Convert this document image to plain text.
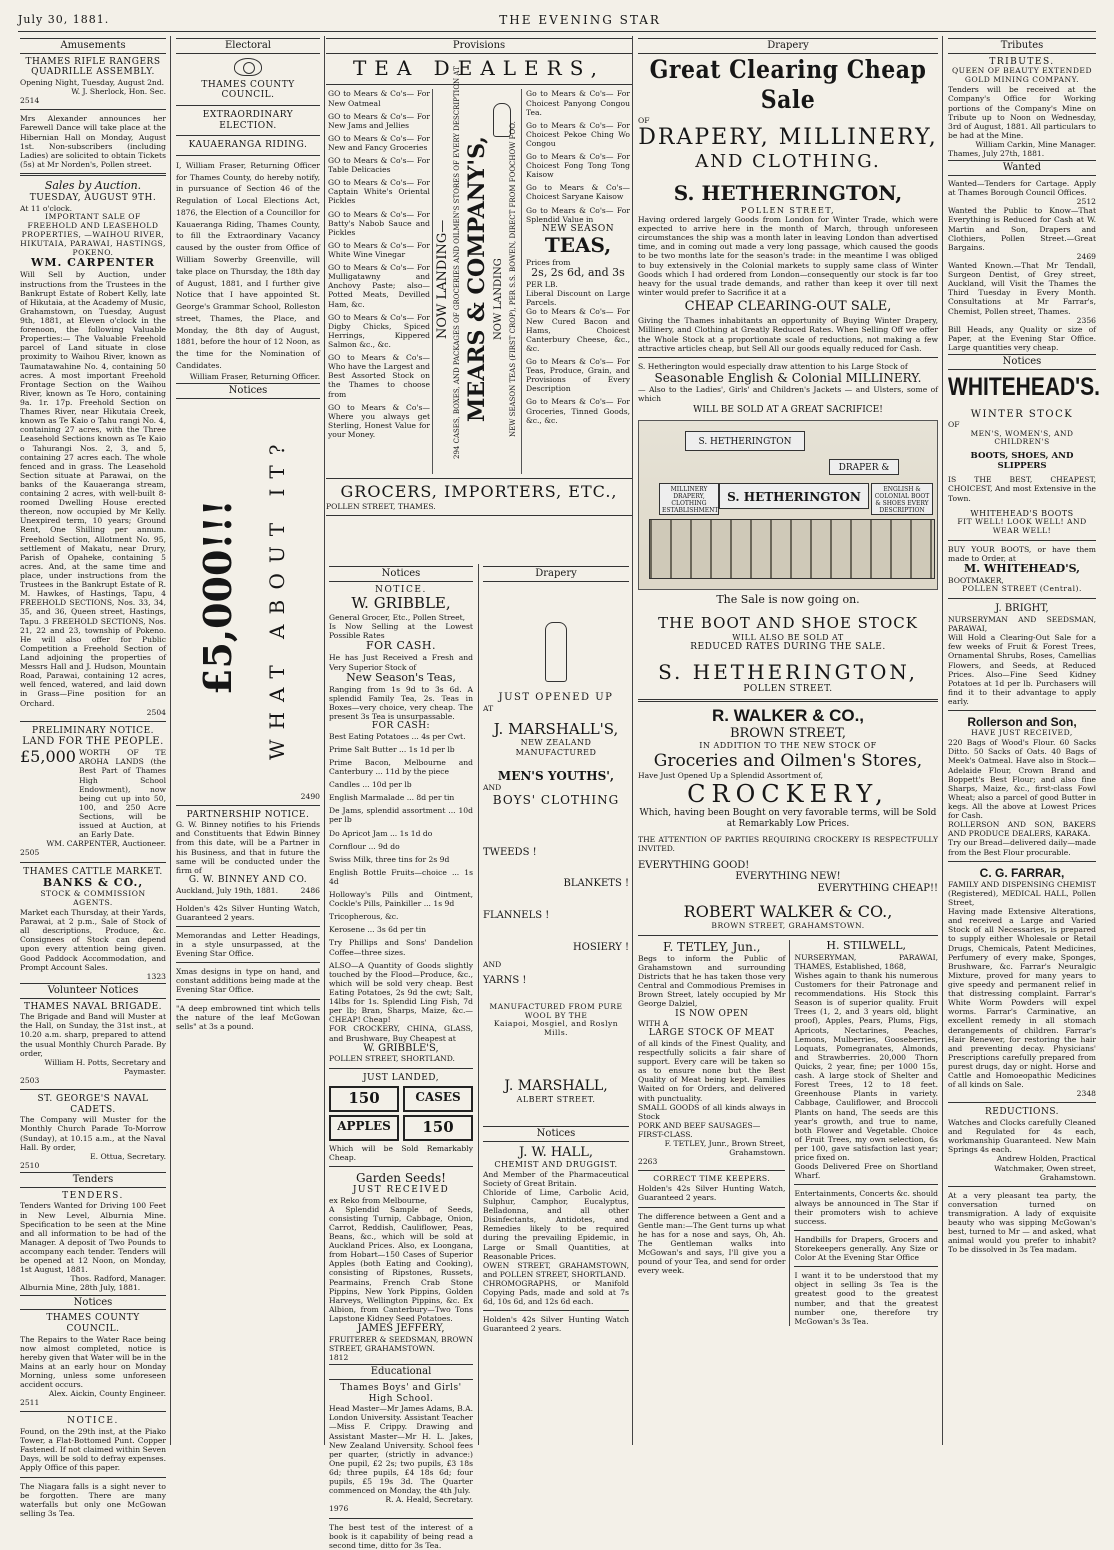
July 30, 1881.	THE EVENING STAR

Amusements
THAMES RIFLE RANGERS QUADRILLE ASSEMBLY.
Opening Night, Tuesday, August 2nd.
W. J. Sherlock, Hon. Sec.
2514
Mrs Alexander announces her Farewell Dance will take place at the Hibernian Hall on Monday, August 1st. Non-subscribers (including Ladies) are solicited to obtain Tickets (5s) at Mr Norden's, Pollen street.
Sales by Auction.
TUESDAY, AUGUST 9TH.
At 11 o'clock.
IMPORTANT SALE OF FREEHOLD AND LEASEHOLD PROPERTIES, —WAIHOU RIVER, HIKUTAIA, PARAWAI, HASTINGS, POKENO.
WM. CARPENTER
Will Sell by Auction, under instructions from the Trustees in the Bankrupt Estate of Robert Kelly, late of Hikutaia, at the Academy of Music, Grahamstown, on Tuesday, August 9th, 1881, at Eleven o'clock in the forenoon, the following Valuable Properties:— The Valuable Freehold parcel of Land situate in close proximity to Waihou River, known as Taumatawahine No. 4, containing 50 acres. A most important Freehold Frontage Section on the Waihou River, known as Te Horo, containing 9a. 1r. 17p. Freehold Section on Thames River, near Hikutaia Creek, known as Te Kaio o Tahu rangi No. 4, containing 27 acres, with the Three Leasehold Sections known as Te Kaio o Tahurangi Nos. 2, 3, and 5, containing 27 acres each. The whole fenced and in grass. The Leasehold Section situate at Parawai, on the banks of the Kauaeranga stream, containing 2 acres, with well-built 8-roomed Dwelling House erected thereon, now occupied by Mr Kelly. Unexpired term, 10 years; Ground Rent, One Shilling per annum. Freehold Section, Allotment No. 95, settlement of Makatu, near Drury, Parish of Opaheke, containing 5 acres. And, at the same time and place, under instructions from the Trustees in the Bankrupt Estate of R. M. Hawkes, of Hastings, Tapu, 4 FREEHOLD SECTIONS, Nos. 33, 34, 35, and 36, Queen street, Hastings, Tapu. 3 FREEHOLD SECTIONS, Nos. 21, 22 and 23, township of Pokeno. He will also offer for Public Competition a Freehold Section of Land adjoining the properties of Messrs Hall and J. Hudson, Mountain Road, Parawai, containing 12 acres, well fenced, watered, and laid down in Grass—Fine position for an Orchard.
2504
PRELIMINARY NOTICE.
LAND FOR THE PEOPLE.
£5,000 WORTH OF TE AROHA LANDS (the Best Part of Thames High School Endowment), now being cut up into 50, 100, and 250 Acre Sections, will be issued at Auction, at an Early Date.
WM. CARPENTER, Auctioneer.
2505
THAMES CATTLE MARKET.
BANKS & CO.,
STOCK & COMMISSION AGENTS.
Market each Thursday, at their Yards, Parawai, at 2 p.m., Sale of Stock of all descriptions, Produce, &c. Consignees of Stock can depend upon every attention being given. Good Paddock Accommodation, and Prompt Account Sales.
1323
Volunteer Notices
THAMES NAVAL BRIGADE.
The Brigade and Band will Muster at the Hall, on Sunday, the 31st inst., at 10.20 a.m. sharp, prepared to attend the usual Monthly Church Parade. By order,
William H. Potts, Secretary and Paymaster.
2503
ST. GEORGE'S NAVAL CADETS.
The Company will Muster for the Monthly Church Parade To-Morrow (Sunday), at 10.15 a.m., at the Naval Hall. By order,
E. Ottua, Secretary.
2510
Tenders
TENDERS.
Tenders Wanted for Driving 100 Feet in New Level, Alburnia Mine. Specification to be seen at the Mine and all information to be had of the Manager. A deposit of Two Pounds to accompany each tender. Tenders will be opened at 12 Noon, on Monday, 1st August, 1881.
Thos. Radford, Manager.
Alburnia Mine, 28th July, 1881.
Notices
THAMES COUNTY COUNCIL.
The Repairs to the Water Race being now almost completed, notice is hereby given that Water will be in the Mains at an early hour on Monday Morning, unless some unforeseen accident occurs.
Alex. Aickin, County Engineer.
2511
NOTICE.
Found, on the 29th inst, at the Piako Tower, a Flat-Bottomed Punt. Copper Fastened. If not claimed within Seven Days, will be sold to defray expenses. Apply Office of this paper.
The Niagara falls is a sight never to be forgotten. There are many waterfalls but only one McGowan selling 3s Tea.
Electoral
THAMES COUNTY COUNCIL.
EXTRAORDINARY ELECTION.
KAUAERANGA RIDING.
I, William Fraser, Returning Officer for Thames County, do hereby notify, in pursuance of Section 46 of the Regulation of Local Elections Act, 1876, the Election of a Councillor for Kauaeranga Riding, Thames County, to fill the Extraordinary Vacancy caused by the ouster from Office of William Sowerby Greenville, will take place on Thursday, the 18th day of August, 1881, and I further give Notice that I have appointed St. George's Grammar School, Rolleston street, Thames, the Place, and Monday, the 8th day of August, 1881, before the hour of 12 Noon, as the time for the Nomination of Candidates.
William Fraser, Returning Officer.
Notices
£5,000!!! WHAT ABOUT IT?
2490
PARTNERSHIP NOTICE.
G. W. Binney notifies to his Friends and Constituents that Edwin Binney from this date, will be a Partner in his Business, and that in future the same will be conducted under the firm of
G. W. BINNEY AND CO.
Auckland, July 19th, 1881.	2486
Holden's 42s Silver Hunting Watch, Guaranteed 2 years.
Memorandas and Letter Headings, in a style unsurpassed, at the Evening Star Office.
Xmas designs in type on hand, and constant additions being made at the Evening Star Office.
"A deep embrowned tint which tells the nature of the leaf McGowan sells" at 3s a pound.
Provisions
TEA DEALERS,
GO to Mears & Co's— For New Oatmeal
GO to Mears & Co's— For New Jams and Jellies
GO to Mears & Co's— For New and Fancy Groceries
GO to Mears & Co's— For Table Delicacies
GO to Mears & Co's— For Captain White's Oriental Pickles
GO to Mears & Co's— For Batty's Nabob Sauce and Pickles
GO to Mears & Co's— For White Wine Vinegar
GO to Mears & Co's— For Mulligatawny and Anchovy Paste; also—Potted Meats, Devilled Ham, &c.
GO to Mears & Co's— For Digby Chicks, Spiced Herrings, Kippered Salmon &c., &c.
GO to Mears & Co's— Who have the Largest and Best Assorted Stock on the Thames to choose from
GO to Mears & Co's— Where you always get Sterling, Honest Value for your Money.
NOW LANDING— 294 CASES, BOXES, AND PACKAGES OF GROCERIES AND OILMEN'S STORES OF EVERY DESCRIPTION AT MEARS & COMPANY'S, NOW LANDING NEW SEASON TEAS (FIRST CROP), PER S.S. BOWEN, DIRECT FROM FOOCHOW FOO.
Go to Mears & Co's— For Choicest Panyong Congou Tea.
Go to Mears & Co's— For Choicest Pekoe Ching Wo Congou
Go to Mears & Co's— For Choicest Fong Tong Tong Kaisow
Go to Mears & Co's— Choicest Saryane Kaisow
Go to Mears & Co's— For Splendid Value in
NEW SEASON
TEAS,
Prices from
2s, 2s 6d, and 3s
PER LB.
Liberal Discount on Large Parcels.
Go to Mears & Co's— For New Cured Bacon and Hams, Choicest Canterbury Cheese, &c., &c.
Go to Mears & Co's— For Teas, Produce, Grain, and Provisions of Every Description
Go to Mears & Co's— For Groceries, Tinned Goods, &c., &c.
GROCERS, IMPORTERS, ETC.,
POLLEN STREET, THAMES.
Notices
NOTICE.
W. GRIBBLE,
General Grocer, Etc., Pollen Street,
Is Now Selling at the Lowest Possible Rates
FOR CASH.
He has Just Received a Fresh and Very Superior Stock of
New Season's Teas,
Ranging from 1s 9d to 3s 6d. A splendid Family Tea, 2s. Teas in Boxes—very choice, very cheap. The present 3s Tea is unsurpassable.
FOR CASH:
Best Eating Potatoes ... 4s per Cwt.
Prime Salt Butter ... 1s 1d per lb
Prime Bacon, Melbourne and Canterbury ... 11d by the piece
Candles ... 10d per lb
English Marmalade ... 8d per tin
De Jams, splendid assortment ... 10d per lb
Do Apricot Jam ... 1s 1d do
Cornflour ... 9d do
Swiss Milk, three tins for 2s 9d
English Bottle Fruits—choice ... 1s 4d
Holloway's Pills and Ointment, Cockle's Pills, Painkiller ... 1s 9d
Tricopherous, &c.
Kerosene ... 3s 6d per tin
Try Phillips and Sons' Dandelion Coffee—three sizes.
ALSO—A Quantity of Goods slightly touched by the Flood—Produce, &c., which will be sold very cheap. Best Eating Potatoes, 2s 9d the cwt; Salt, 14lbs for 1s. Splendid Ling Fish, 7d per lb; Bran, Sharps, Maize, &c.—CHEAP! Cheap!
FOR CROCKERY, CHINA, GLASS, and Brushware, Buy Cheapest at
W. GRIBBLE'S,
POLLEN STREET, SHORTLAND.
JUST LANDED,
150	CASES
APPLES	150
Which will be Sold Remarkably Cheap.
Garden Seeds!
JUST RECEIVED
ex Reko from Melbourne,
A Splendid Sample of Seeds, consisting Turnip, Cabbage, Onion, Carrot, Reddish, Cauliflower, Peas, Beans, &c., which will be sold at Auckland Prices. Also, ex Loongana, from Hobart—150 Cases of Superior Apples (both Eating and Cooking), consisting of Ripstones, Russets, Pearmains, French Crab Stone Pippins, New York Pippins, Golden Harveys, Wellington Pippins, &c. Ex Albion, from Canterbury—Two Tons Lapstone Kidney Seed Potatoes.
JAMES JEFFERY,
FRUITERER & SEEDSMAN, BROWN STREET, GRAHAMSTOWN.
1812
Educational
Thames Boys' and Girls' High School.
Head Master—Mr James Adams, B.A. London University. Assistant Teacher—Miss F. Crippy. Drawing and Assistant Master—Mr H. L. Jakes, New Zealand University. School fees per quarter, (strictly in advance:) One pupil, £2 2s; two pupils, £3 18s 6d; three pupils, £4 18s 6d; four pupils, £5 19s 3d. The Quarter commenced on Monday, the 4th July.
R. A. Heald, Secretary.
1976
The best test of the interest of a book is it capability of being read a second time, ditto for 3s Tea.
Drapery
JUST OPENED UP
AT
J. MARSHALL'S,
NEW ZEALAND MANUFACTURED
MEN'S YOUTHS',
AND
BOYS' CLOTHING
TWEEDS !
BLANKETS !
FLANNELS !
HOSIERY !
AND
YARNS !
MANUFACTURED FROM PURE WOOL BY THE
Kaiapoi, Mosgiel, and Roslyn Mills.
J. MARSHALL,
ALBERT STREET.
Notices
J. W. HALL,
CHEMIST AND DRUGGIST.
And Member of the Pharmaceutical Society of Great Britain.
Chloride of Lime, Carbolic Acid, Sulphur, Camphor, Eucalyptus, Belladonna, and all other Disinfectants, Antidotes, and Remedies likely to be required during the prevailing Epidemic, in Large or Small Quantities, at Reasonable Prices.
OWEN STREET, GRAHAMSTOWN, and POLLEN STREET, SHORTLAND.
CHROMOGRAPHS, or Manifold Copying Pads, made and sold at 7s 6d, 10s 6d, and 12s 6d each.
Holden's 42s Silver Hunting Watch Guaranteed 2 years.
Drapery
Great Clearing Cheap Sale
OF
DRAPERY, MILLINERY,
AND CLOTHING.
S. HETHERINGTON,
POLLEN STREET,
Having ordered largely Goods from London for Winter Trade, which were expected to arrive here in the month of March, through unforeseen circumstances the ship was a month later in leaving London than advertised time, and in coming out made a very long passage, which caused the goods to be two months late for the season's trade: in the meantime I was obliged to buy extensively in the Colonial markets to supply same class of Winter Goods which I had ordered from London—consequently our stock is far too heavy for the usual trade demands, and rather than keep it over till next winter would prefer to Sacrifice it at a
CHEAP CLEARING-OUT SALE,
Giving the Thames inhabitants an opportunity of Buying Winter Drapery, Millinery, and Clothing at Greatly Reduced Rates. When Selling Off we offer the Whole Stock at a proportionate scale of reductions, not making a few attractive articles cheap, but Sell All our goods equally reduced for Cash.
S. Hetherington would especially draw attention to his Large Stock of
Seasonable English & Colonial MILLINERY.
— Also to the Ladies', Girls' and Children's Jackets — and Ulsters, some of which
WILL BE SOLD AT A GREAT SACRIFICE!
S. HETHERINGTON
DRAPER &
MILLINERY DRAPERY, CLOTHING ESTABLISHMENT
S. HETHERINGTON
ENGLISH & COLONIAL BOOT & SHOES EVERY DESCRIPTION
The Sale is now going on.
THE BOOT AND SHOE STOCK
WILL ALSO BE SOLD AT
REDUCED RATES DURING THE SALE.
S. HETHERINGTON,
POLLEN STREET.
R. WALKER & CO.,
BROWN STREET,
IN ADDITION TO THE NEW STOCK OF
Groceries and Oilmen's Stores,
Have Just Opened Up a Splendid Assortment of,
CROCKERY,
Which, having been Bought on very favorable terms, will be Sold at Remarkably Low Prices.
THE ATTENTION OF PARTIES REQUIRING CROCKERY IS RESPECTFULLY INVITED.
EVERYTHING GOOD!
EVERYTHING NEW!
EVERYTHING CHEAP!!
ROBERT WALKER & CO.,
BROWN STREET, GRAHAMSTOWN.
F. TETLEY, Jun.,
Begs to inform the Public of Grahamstown and surrounding Districts that he has taken those very Central and Commodious Premises in Brown Street, lately occupied by Mr George Dalziel,
IS NOW OPEN
WITH A
LARGE STOCK OF MEAT
of all kinds of the Finest Quality, and respectfully solicits a fair share of support. Every care will be taken so as to ensure none but the Best Quality of Meat being kept. Families Waited on for Orders, and delivered with punctuality.
SMALL GOODS of all kinds always in Stock
PORK AND BEEF SAUSAGES—
FIRST-CLASS.
F. TETLEY, Junr., Brown Street, Grahamstown.
2263
CORRECT TIME KEEPERS.
Holden's 42s Silver Hunting Watch, Guaranteed 2 years.
The difference between a Gent and a Gentle man:—The Gent turns up what he has for a nose and says, Oh, Ah. The Gentleman walks into McGowan's and says, I'll give you a pound of your Tea, and send for order every week.
H. STILWELL,
NURSERYMAN, PARAWAI, THAMES, Established, 1868,
Wishes again to thank his numerous Customers for their Patronage and recommendations. His Stock this Season is of superior quality. Fruit Trees (1, 2, and 3 years old, blight proof), Apples, Pears, Plums, Figs, Apricots, Nectarines, Peaches, Lemons, Mulberries, Gooseberries, Loquats, Pomegranates, Almonds, and Strawberries. 20,000 Thorn Quicks, 2 year, fine; per 1000 15s, cash. A large stock of Shelter and Forest Trees, 12 to 18 feet. Greenhouse Plants in variety. Cabbage, Cauliflower, and Broccoli Plants on hand, The seeds are this year's growth, and true to name, both Flower and Vegetable. Choice of Fruit Trees, my own selection, 6s per 100, gave satisfaction last year; price fixed on.
Goods Delivered Free on Shortland Wharf.
Entertainments, Concerts &c. should always be announced in The Star if their promoters wish to achieve success.
Handbills for Drapers, Grocers and Storekeepers generally. Any Size or Color At the Evening Star Office
I want it to be understood that my object in selling 3s Tea is the greatest good to the greatest number, and that the greatest number one, therefore try McGowan's 3s Tea.
Tributes
TRIBUTES.
QUEEN OF BEAUTY EXTENDED GOLD MINING COMPANY.
Tenders will be received at the Company's Office for Working portions of the Company's Mine on Tribute up to Noon on Wednesday, 3rd of August, 1881. All particulars to be had at the Mine.
William Carkin, Mine Manager.
Thames, July 27th, 1881.
Wanted
Wanted—Tenders for Cartage. Apply at Thames Borough Council Offices.
2512
Wanted the Public to Know—That Everything is Reduced for Cash at W. Martin and Son, Drapers and Clothiers, Pollen Street.—Great Bargains.
2469
Wanted Known.—That Mr Tendall, Surgeon Dentist, of Grey street, Auckland, will Visit the Thames the Third Tuesday in Every Month. Consultations at Mr Farrar's, Chemist, Pollen street, Thames.
2356
Bill Heads, any Quality or size of Paper, at the Evening Star Office. Large quantities very cheap.
Notices
WHITEHEAD'S.
WINTER STOCK
OF
MEN'S, WOMEN'S, AND CHILDREN'S
BOOTS, SHOES, AND SLIPPERS
IS THE BEST, CHEAPEST, CHOICEST, And most Extensive in the Town.
WHITEHEAD'S BOOTS
FIT WELL! LOOK WELL! AND WEAR WELL!
BUY YOUR BOOTS, or have them made to Order, at
M. WHITEHEAD'S,
BOOTMAKER,
POLLEN STREET (Central).
J. BRIGHT,
NURSERYMAN AND SEEDSMAN, PARAWAI,
Will Hold a Clearing-Out Sale for a few weeks of Fruit & Forest Trees, Ornamental Shrubs, Roses, Camellias Flowers, and Seeds, at Reduced Prices. Also—Fine Seed Kidney Potatoes at 1d per lb. Purchasers will find it to their advantage to apply early.
Rollerson and Son,
HAVE JUST RECEIVED,
220 Bags of Wood's Flour. 60 Sacks Ditto. 50 Sacks of Oats. 40 Bags of Meek's Oatmeal. Have also in Stock— Adelaide Flour, Crown Brand and Boppett's Best Flour; and also fine Sharps, Maize, &c., first-class Fowl Wheat; also a parcel of good Butter in kegs. All the above at Lowest Prices for Cash.
ROLLERSON AND SON, BAKERS AND PRODUCE DEALERS, KARAKA.
Try our Bread—delivered daily—made from the Best Flour procurable.
C. G. FARRAR,
FAMILY AND DISPENSING CHEMIST (Registered), MEDICAL HALL, Pollen Street,
Having made Extensive Alterations, and received a Large and Varied Stock of all Necessaries, is prepared to supply either Wholesale or Retail Drugs, Chemicals, Patent Medicines, Perfumery of every make, Sponges, Brushware, &c. Farrar's Neuralgic Mixture, proved for many years to give speedy and permanent relief in that distressing complaint. Farrar's White Worm Powders will expel worms. Farrar's Carminative, an excellent remedy in all stomach derangements of children. Farrar's Hair Renewer, for restoring the hair and preventing decay. Physicians' Prescriptions carefully prepared from purest drugs, day or night. Horse and Cattle and Homoeopathic Medicines of all kinds on Sale.
2348
REDUCTIONS.
Watches and Clocks carefully Cleaned and Regulated for 4s each, workmanship Guaranteed. New Main Springs 4s each.
Andrew Holden, Practical Watchmaker, Owen street, Grahamstown.
At a very pleasant tea party, the conversation turned on transmigration. A lady of exquisite beauty who was sipping McGowan's best, turned to Mr — and asked, what animal would you prefer to inhabit? To be dissolved in 3s Tea madam.
